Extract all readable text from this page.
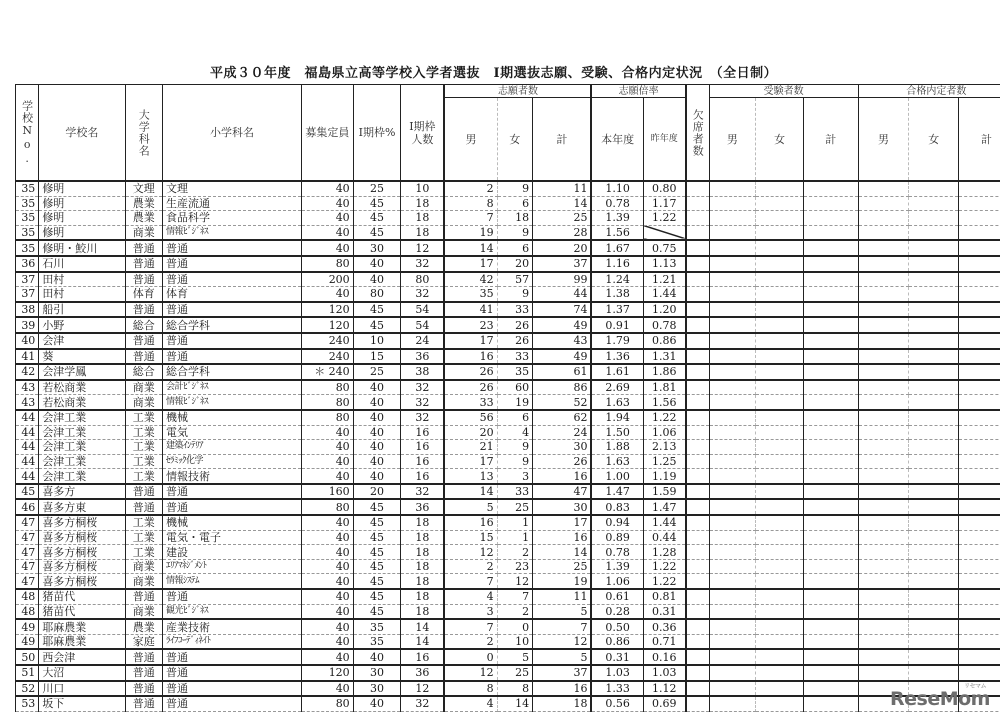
平成３０年度　福島県立高等学校入学者選抜　Ⅰ期選抜志願、受験、合格内定状況　（全日制）
学校No.	学校名	大学科名	小学科名	募集定員	Ⅰ期枠%	Ⅰ期枠人数	志願者数			志願倍率		欠席者数	受験者数			合格内定者数		
							男	女	計	本年度	昨年度		男	女	計	男	女	計
35	修明	文理	文理	40	25	10	2	9	11	1.10	0.80							
35	修明	農業	生産流通	40	45	18	8	6	14	0.78	1.17							
35	修明	農業	食品科学	40	45	18	7	18	25	1.39	1.22							
35	修明	商業	情報ﾋﾞｼﾞﾈｽ	40	45	18	19	9	28	1.56								
35	修明・鮫川	普通	普通	40	30	12	14	6	20	1.67	0.75							
36	石川	普通	普通	80	40	32	17	20	37	1.16	1.13							
37	田村	普通	普通	200	40	80	42	57	99	1.24	1.21							
37	田村	体育	体育	40	80	32	35	9	44	1.38	1.44							
38	船引	普通	普通	120	45	54	41	33	74	1.37	1.20							
39	小野	総合	総合学科	120	45	54	23	26	49	0.91	0.78							
40	会津	普通	普通	240	10	24	17	26	43	1.79	0.86							
41	葵	普通	普通	240	15	36	16	33	49	1.36	1.31							
42	会津学鳳	総合	総合学科	＊ 240	25	38	26	35	61	1.61	1.86							
43	若松商業	商業	会計ﾋﾞｼﾞﾈｽ	80	40	32	26	60	86	2.69	1.81							
43	若松商業	商業	情報ﾋﾞｼﾞﾈｽ	80	40	32	33	19	52	1.63	1.56							
44	会津工業	工業	機械	80	40	32	56	6	62	1.94	1.22							
44	会津工業	工業	電気	40	40	16	20	4	24	1.50	1.06							
44	会津工業	工業	建築ｲﾝﾃﾘｱ	40	40	16	21	9	30	1.88	2.13							
44	会津工業	工業	ｾﾗﾐｯｸ化学	40	40	16	17	9	26	1.63	1.25							
44	会津工業	工業	情報技術	40	40	16	13	3	16	1.00	1.19							
45	喜多方	普通	普通	160	20	32	14	33	47	1.47	1.59							
46	喜多方東	普通	普通	80	45	36	5	25	30	0.83	1.47							
47	喜多方桐桜	工業	機械	40	45	18	16	1	17	0.94	1.44							
47	喜多方桐桜	工業	電気・電子	40	45	18	15	1	16	0.89	0.44							
47	喜多方桐桜	工業	建設	40	45	18	12	2	14	0.78	1.28							
47	喜多方桐桜	商業	ｴﾘｱﾏﾈｼﾞﾒﾝﾄ	40	45	18	2	23	25	1.39	1.22							
47	喜多方桐桜	商業	情報ｼｽﾃﾑ	40	45	18	7	12	19	1.06	1.22							
48	猪苗代	普通	普通	40	45	18	4	7	11	0.61	0.81							
48	猪苗代	商業	観光ﾋﾞｼﾞﾈｽ	40	45	18	3	2	5	0.28	0.31							
49	耶麻農業	農業	産業技術	40	35	14	7	0	7	0.50	0.36							
49	耶麻農業	家庭	ﾗｲﾌｺｰﾃﾞｨﾈｲﾄ	40	35	14	2	10	12	0.86	0.71							
50	西会津	普通	普通	40	40	16	0	5	5	0.31	0.16							
51	大沼	普通	普通	120	30	36	12	25	37	1.03	1.03							
52	川口	普通	普通	40	30	12	8	8	16	1.33	1.12							
53	坂下	普通	普通	80	40	32	4	14	18	0.56	0.69								ReseMom
リセマム
